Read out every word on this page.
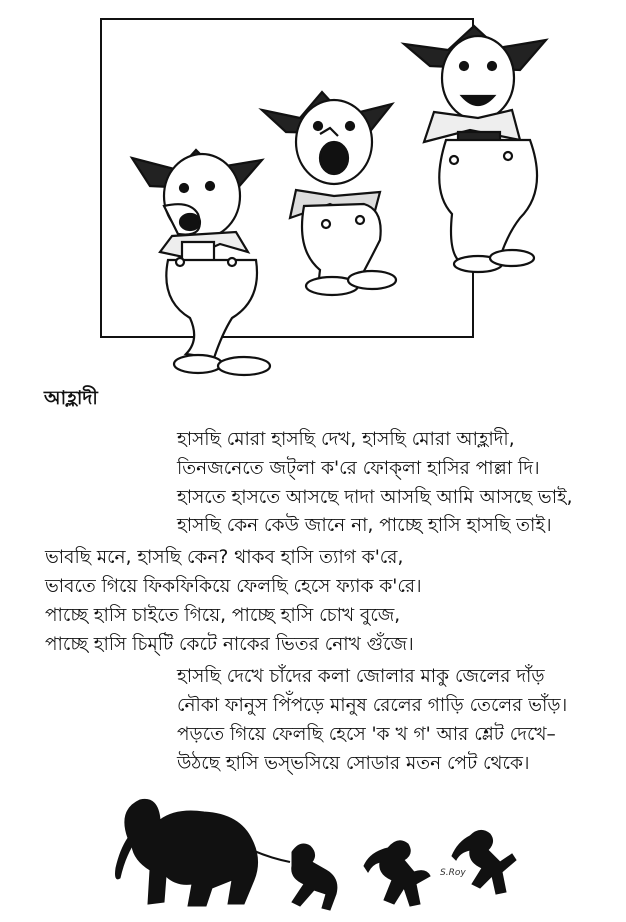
আহ্লাদী
হাসছি মোরা হাসছি দেখ, হাসছি মোরা আহ্লাদী,
তিনজনেতে জট্‌লা ক'রে ফোক্‌লা হাসির পাল্লা দি।
হাসতে হাসতে আসছে দাদা আসছি আমি আসছে ভাই,
হাসছি কেন কেউ জানে না, পাচ্ছে হাসি হাসছি তাই।
ভাবছি মনে, হাসছি কেন? থাকব হাসি ত্যাগ ক'রে,
ভাবতে গিয়ে ফিকফিকিয়ে ফেলছি হেসে ফ্যাক ক'রে।
পাচ্ছে হাসি চাইতে গিয়ে, পাচ্ছে হাসি চোখ বুজে,
পাচ্ছে হাসি চিম্‌টি কেটে নাকের ভিতর নোখ গুঁজে।
হাসছি দেখে চাঁদের কলা জোলার মাকু জেলের দাঁড়
নৌকা ফানুস পিঁপড়ে মানুষ রেলের গাড়ি তেলের ভাঁড়।
পড়তে গিয়ে ফেলছি হেসে 'ক খ গ' আর শ্লেট দেখে–
উঠছে হাসি ভস্‌ভসিয়ে সোডার মতন পেট থেকে।
S.Roy
